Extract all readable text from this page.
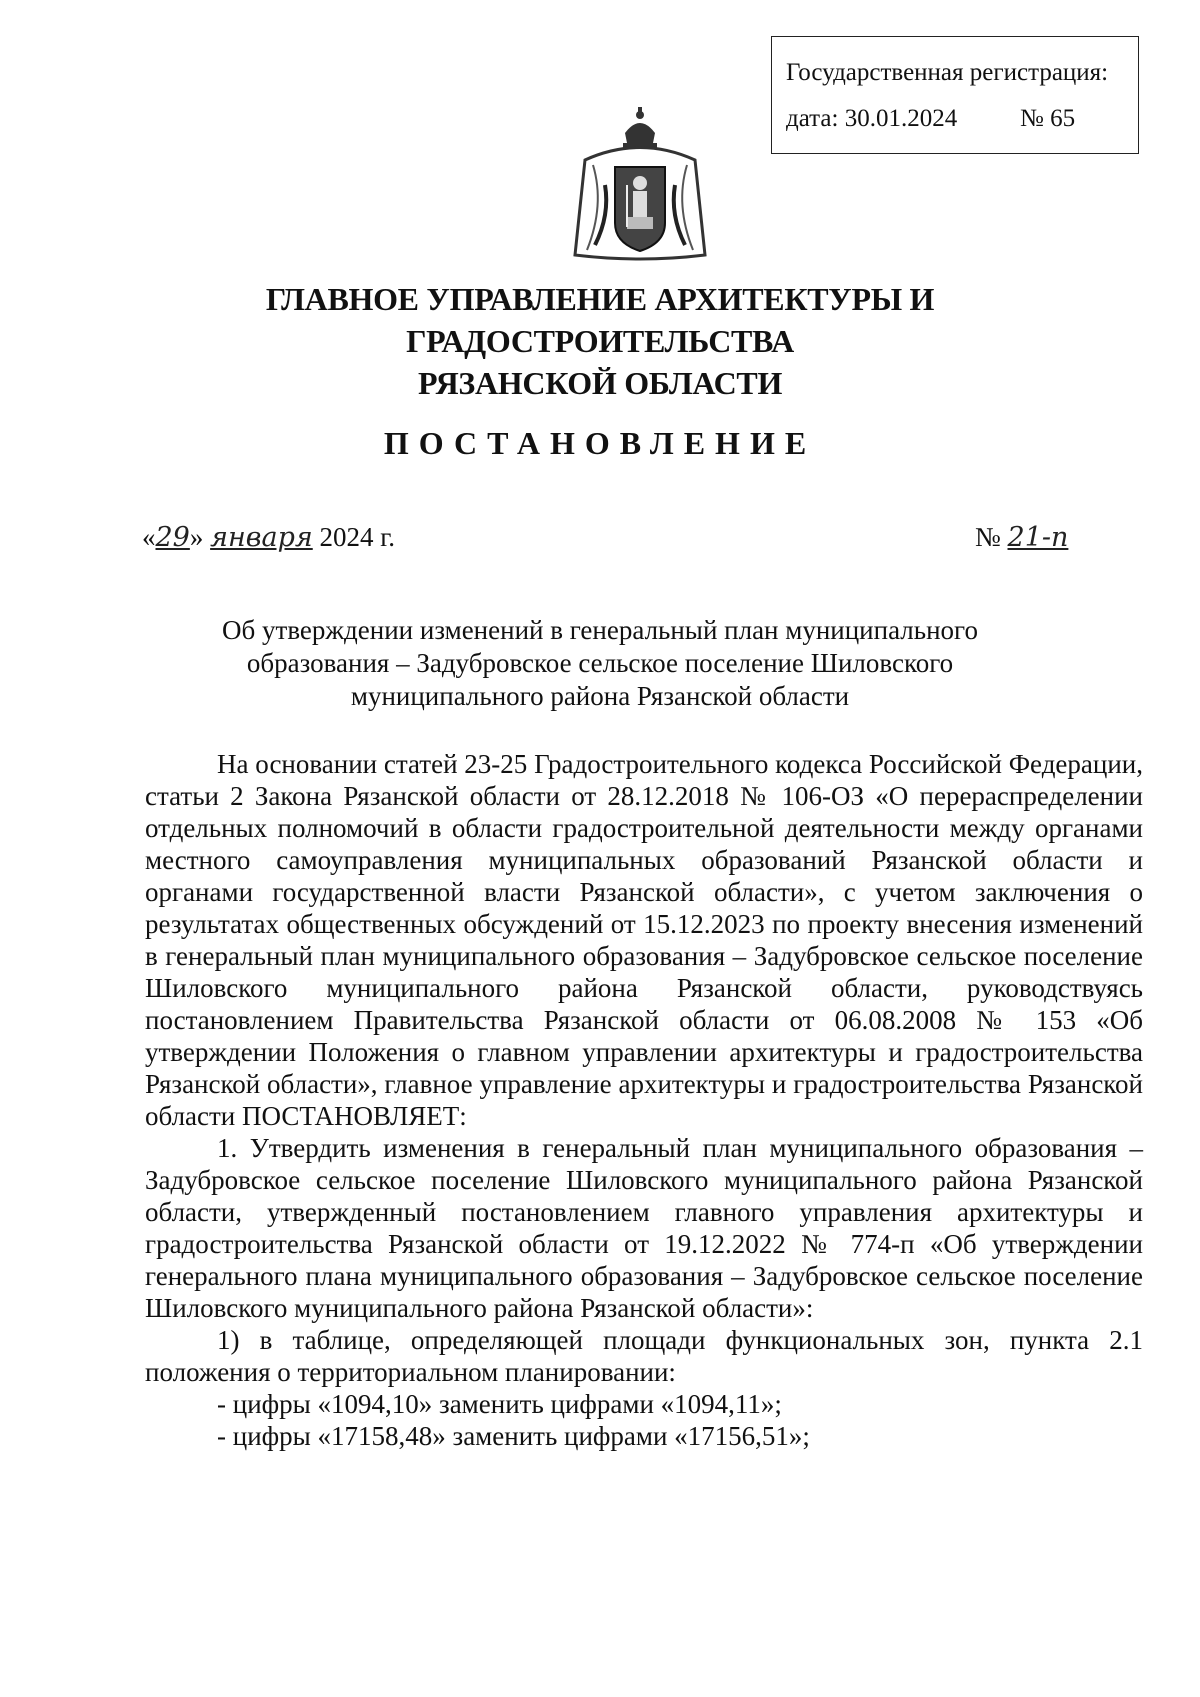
Государственная регистрация:
дата: 30.01.2024	№ 65
ГЛАВНОЕ УПРАВЛЕНИЕ АРХИТЕКТУРЫ И ГРАДОСТРОИТЕЛЬСТВА
РЯЗАНСКОЙ ОБЛАСТИ
ПОСТАНОВЛЕНИЕ
«29» января 2024 г.	№ 21-п
Об утверждении изменений в генеральный план муниципального
образования – Задубровское сельское поселение Шиловского
муниципального района Рязанской области

На основании статей 23-25 Градостроительного кодекса Российской Федерации, статьи 2 Закона Рязанской области от 28.12.2018 № 106-ОЗ «О перераспределении отдельных полномочий в области градостроительной деятельности между органами местного самоуправления муниципальных образований Рязанской области и органами государственной власти Рязанской области», с учетом заключения о результатах общественных обсуждений от 15.12.2023 по проекту внесения изменений в генеральный план муниципального образования – Задубровское сельское поселение Шиловского муниципального района Рязанской области, руководствуясь постановлением Правительства Рязанской области от 06.08.2008 № 153 «Об утверждении Положения о главном управлении архитектуры и градостроительства Рязанской области», главное управление архитектуры и градостроительства Рязанской области ПОСТАНОВЛЯЕТ:

1. Утвердить изменения в генеральный план муниципального образования – Задубровское сельское поселение Шиловского муниципального района Рязанской области, утвержденный постановлением главного управления архитектуры и градостроительства Рязанской области от 19.12.2022 № 774-п «Об утверждении генерального плана муниципального образования – Задубровское сельское поселение Шиловского муниципального района Рязанской области»:

1) в таблице, определяющей площади функциональных зон, пункта 2.1 положения о территориальном планировании:

- цифры «1094,10» заменить цифрами «1094,11»;

- цифры «17158,48» заменить цифрами «17156,51»;
